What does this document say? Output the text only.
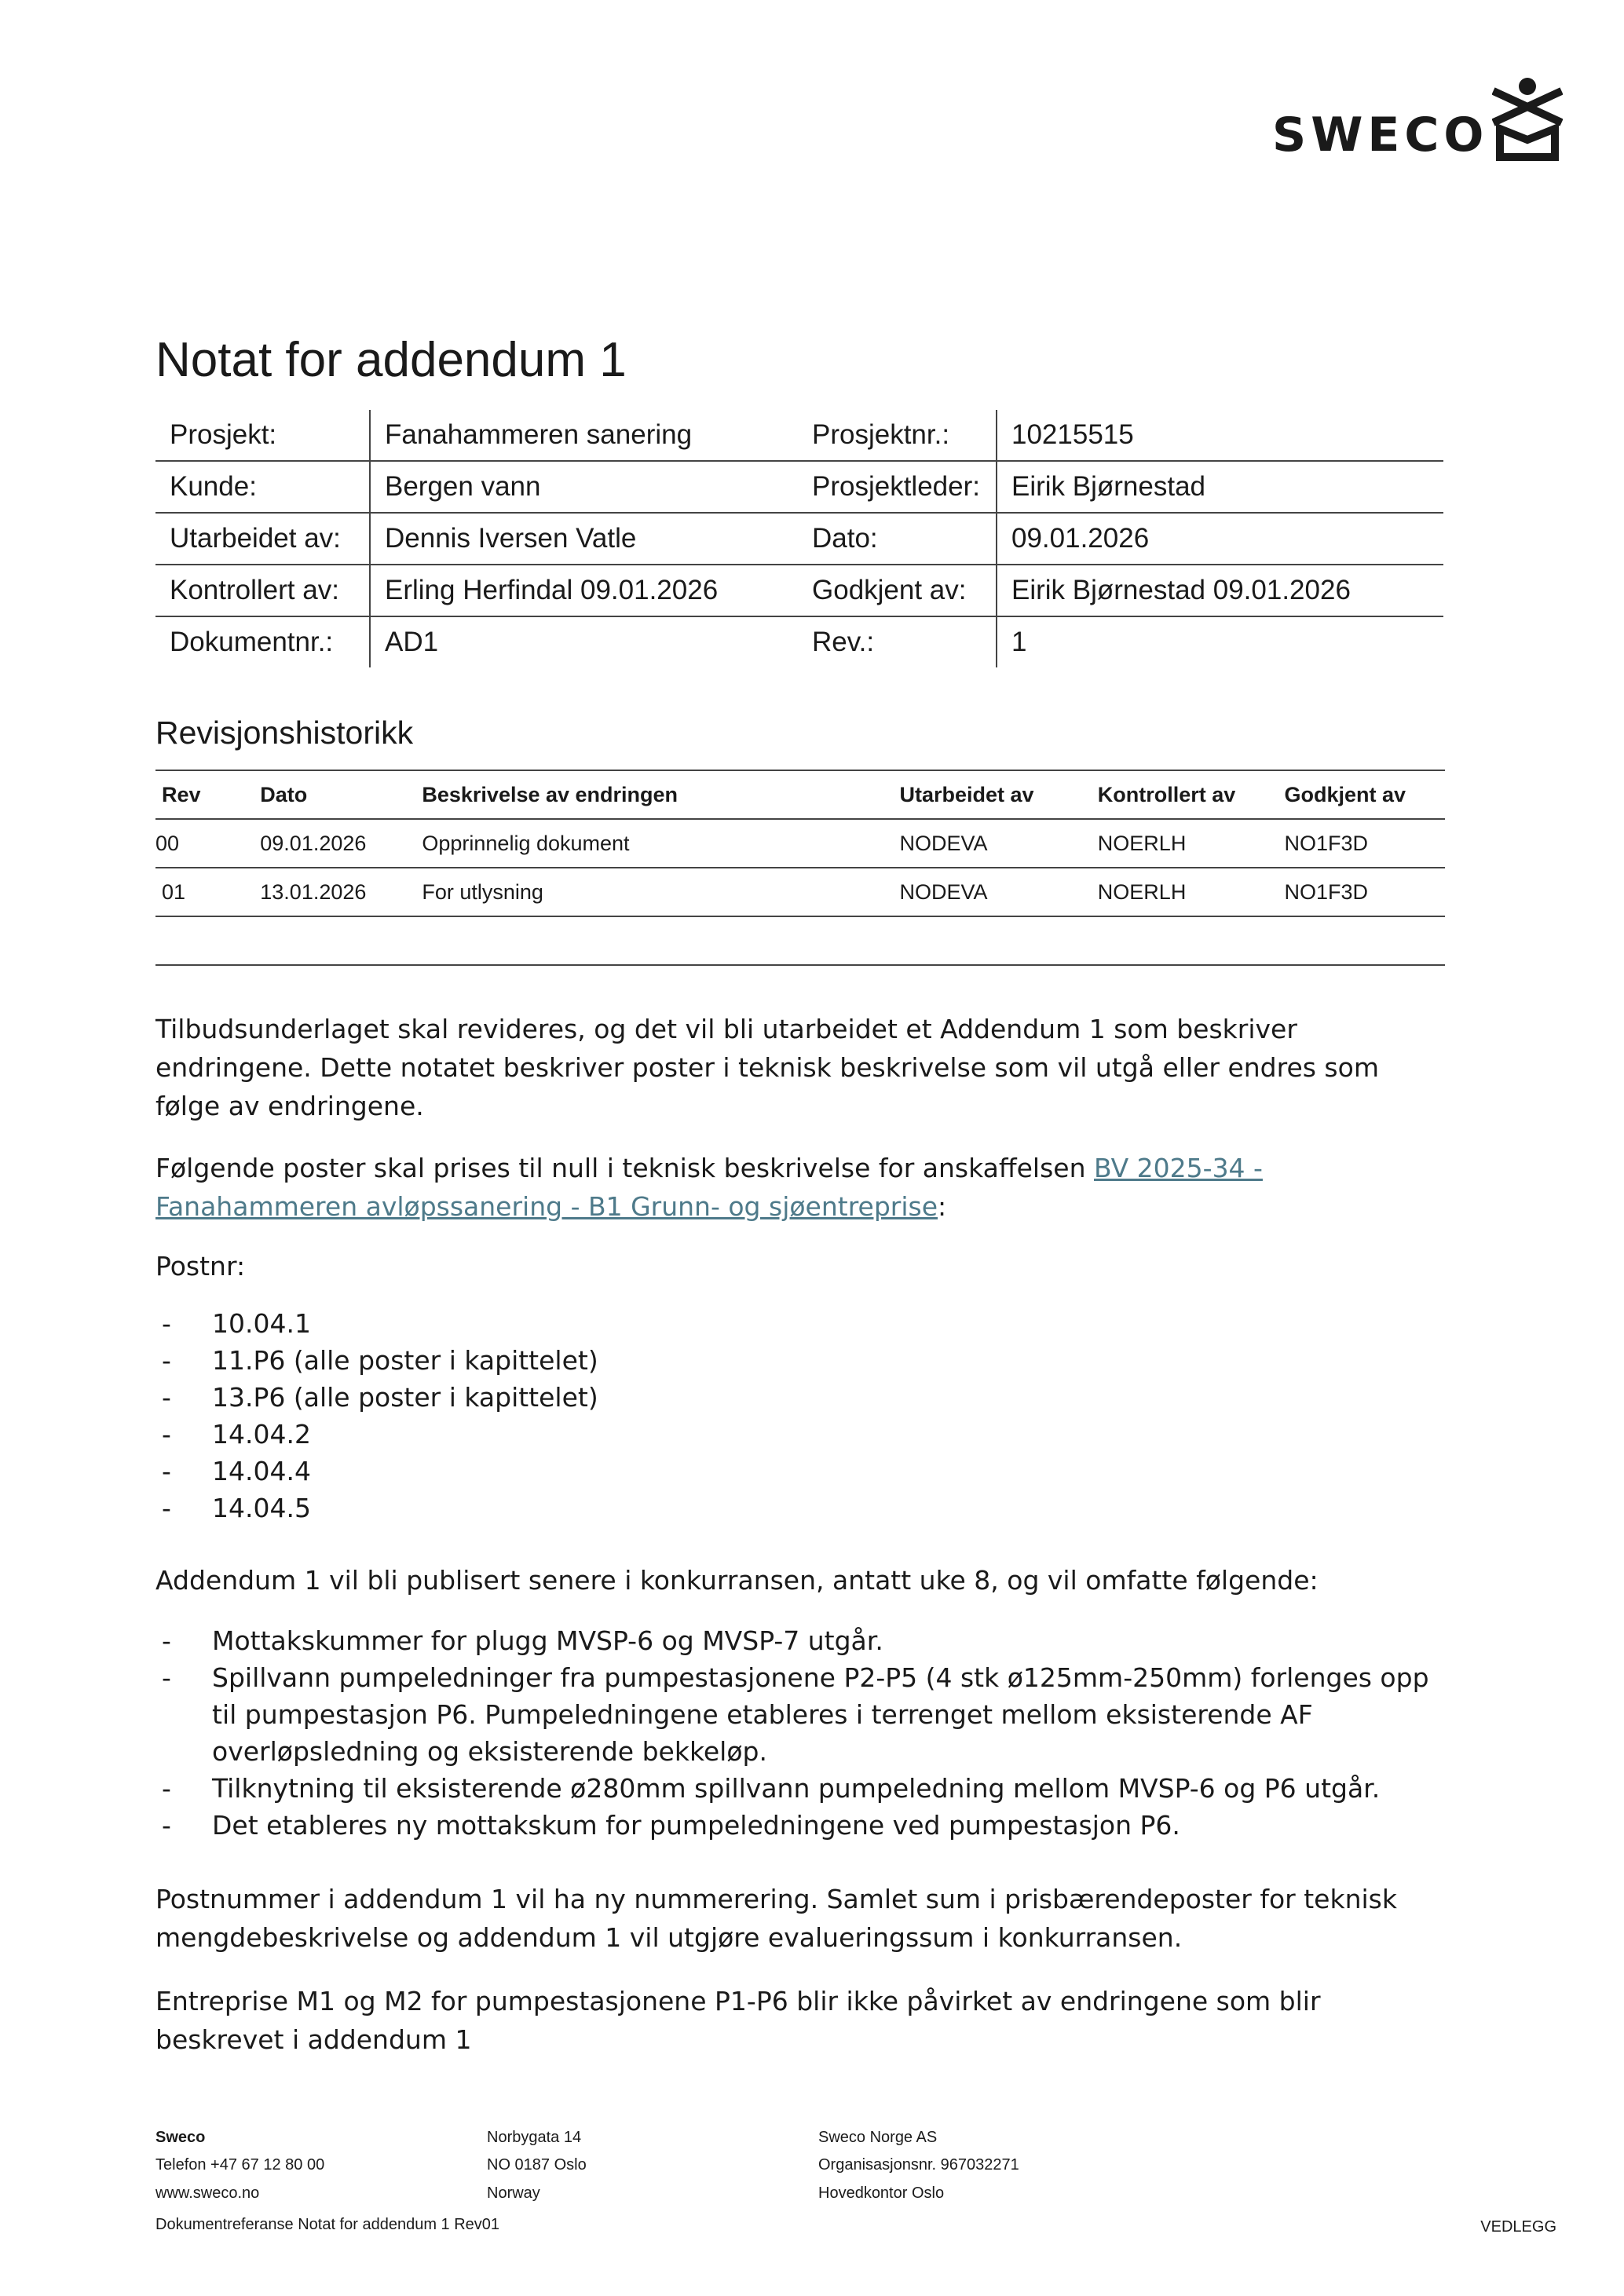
SWECO
Notat for addendum 1
Prosjekt:	Fanahammeren sanering	Prosjektnr.:	10215515
Kunde:	Bergen vann	Prosjektleder:	Eirik Bjørnestad
Utarbeidet av:	Dennis Iversen Vatle	Dato:	09.01.2026
Kontrollert av:	Erling Herfindal 09.01.2026	Godkjent av:	Eirik Bjørnestad 09.01.2026
Dokumentnr.:	AD1	Rev.:	1
Revisjonshistorikk
Rev	Dato	Beskrivelse av endringen	Utarbeidet av	Kontrollert av	Godkjent av
00	09.01.2026	Opprinnelig dokument	NODEVA	NOERLH	NO1F3D
01	13.01.2026	For utlysning	NODEVA	NOERLH	NO1F3D

Tilbudsunderlaget skal revideres, og det vil bli utarbeidet et Addendum 1 som beskriver endringene. Dette notatet beskriver poster i teknisk beskrivelse som vil utgå eller endres som følge av endringene.

Følgende poster skal prises til null i teknisk beskrivelse for anskaffelsen BV 2025-34 - Fanahammeren avløpssanering - B1 Grunn- og sjøentreprise:

Postnr:

- 10.04.1
- 11.P6 (alle poster i kapittelet)
- 13.P6 (alle poster i kapittelet)
- 14.04.2
- 14.04.4
- 14.04.5

Addendum 1 vil bli publisert senere i konkurransen, antatt uke 8, og vil omfatte følgende:

- Mottakskummer for plugg MVSP-6 og MVSP-7 utgår.
- Spillvann pumpeledninger fra pumpestasjonene P2-P5 (4 stk ø125mm-250mm) forlenges opp til pumpestasjon P6. Pumpeledningene etableres i terrenget mellom eksisterende AF overløpsledning og eksisterende bekkeløp.
- Tilknytning til eksisterende ø280mm spillvann pumpeledning mellom MVSP-6 og P6 utgår.
- Det etableres ny mottakskum for pumpeledningene ved pumpestasjon P6.

Postnummer i addendum 1 vil ha ny nummerering. Samlet sum i prisbærendeposter for teknisk mengdebeskrivelse og addendum 1 vil utgjøre evalueringssum i konkurransen.

Entreprise M1 og M2 for pumpestasjonene P1-P6 blir ikke påvirket av endringene som blir beskrevet i addendum 1

Sweco
Telefon +47 67 12 80 00
www.sweco.no
Norbygata 14
NO 0187 Oslo
Norway
Sweco Norge AS
Organisasjonsnr. 967032271
Hovedkontor Oslo
Dokumentreferanse Notat for addendum 1 Rev01	VEDLEGG
